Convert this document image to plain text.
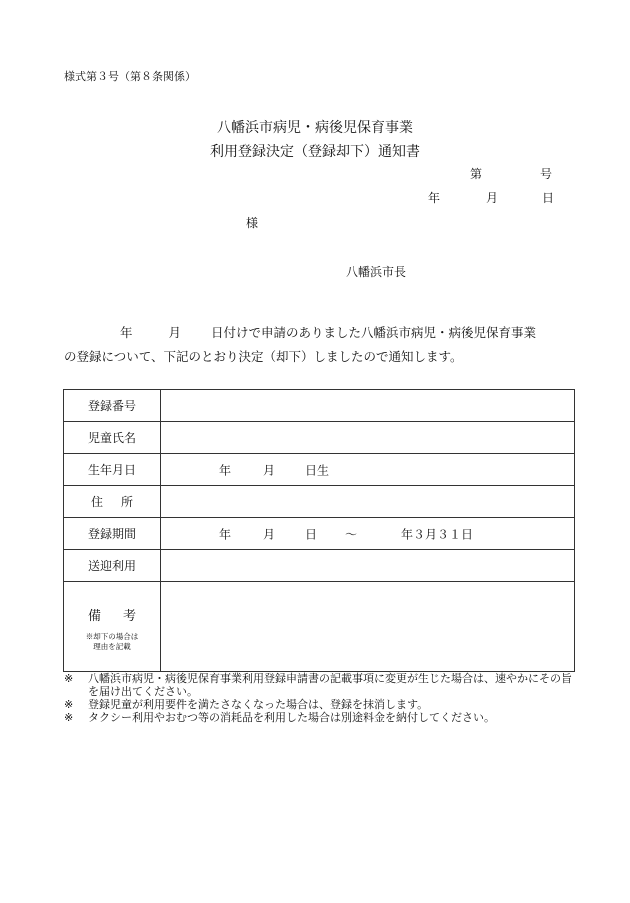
様式第３号（第８条関係）
八幡浜市病児・病後児保育事業
利用登録決定（登録却下）通知書
第	号
年	月	日
様
八幡浜市長
年	月 日付けで申請のありました八幡浜市病児・病後児保育事業
の登録について、下記のとおり決定（却下）しましたので通知します。
登録番号	
児童氏名	
生年月日	年 月 日生

住所	
登録期間	年 月 日 ～ 年３月３１日

送迎利用	

備考
※却下の場合は
理由を記載	

※	八幡浜市病児・病後児保育事業利用登録申請書の記載事項に変更が生じた場合は、速やかにその旨を届け出てください。
※	登録児童が利用要件を満たさなくなった場合は、登録を抹消します。
※	タクシー利用やおむつ等の消耗品を利用した場合は別途料金を納付してください。
